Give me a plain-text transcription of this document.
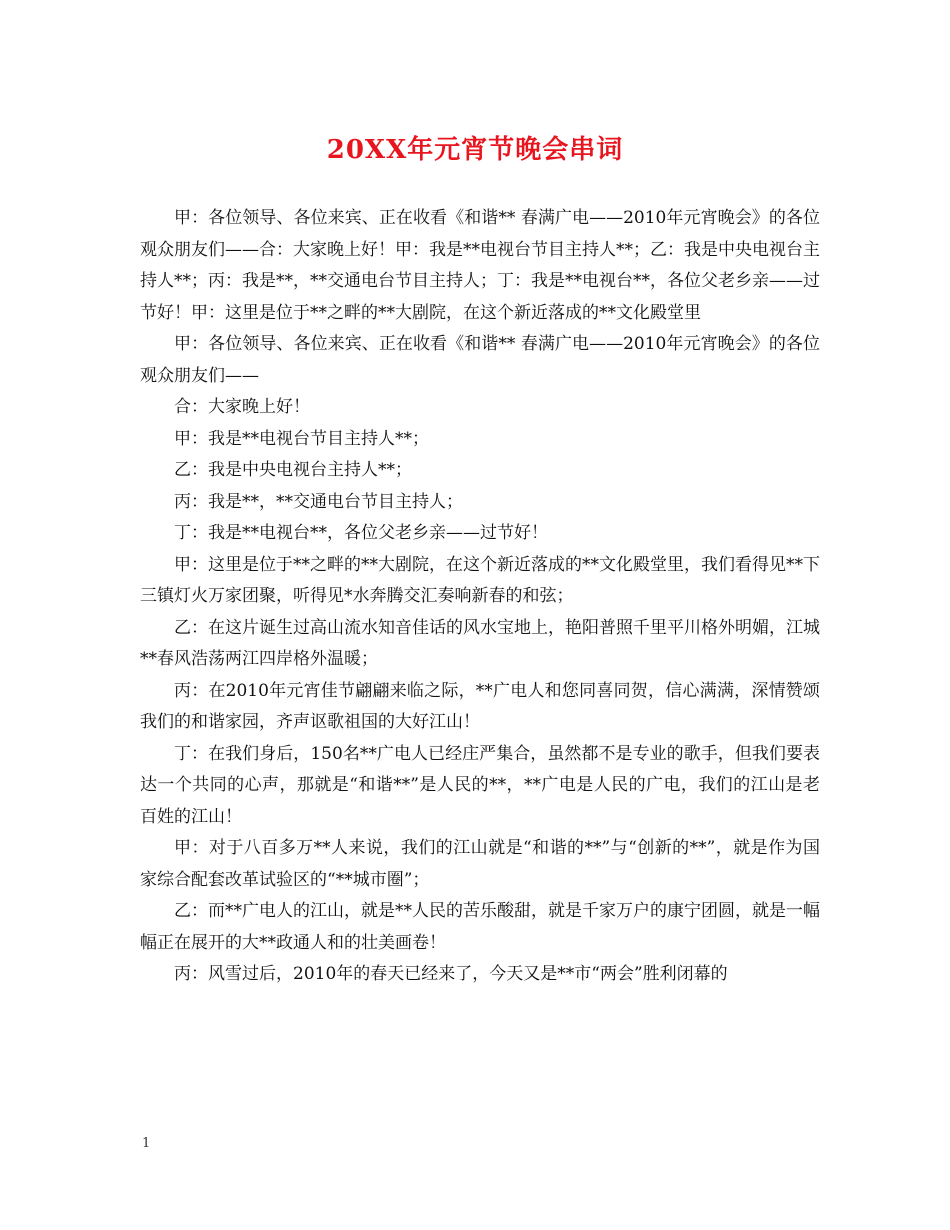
20XX年元宵节晚会串词

甲：各位领导、各位来宾、正在收看《和谐** 春满广电——2010年元宵晚会》的各位观众朋友们——合：大家晚上好！甲：我是**电视台节目主持人**；乙：我是中央电视台主持人**；丙：我是**，**交通电台节目主持人；丁：我是**电视台**，各位父老乡亲——过节好！甲：这里是位于**之畔的**大剧院，在这个新近落成的**文化殿堂里

甲：各位领导、各位来宾、正在收看《和谐** 春满广电——2010年元宵晚会》的各位观众朋友们——

合：大家晚上好！

甲：我是**电视台节目主持人**；

乙：我是中央电视台主持人**；

丙：我是**，**交通电台节目主持人；

丁：我是**电视台**，各位父老乡亲——过节好！

甲：这里是位于**之畔的**大剧院，在这个新近落成的**文化殿堂里，我们看得见**下三镇灯火万家团聚，听得见*水奔腾交汇奏响新春的和弦；

乙：在这片诞生过高山流水知音佳话的风水宝地上，艳阳普照千里平川格外明媚，江城**春风浩荡两江四岸格外温暖；

丙：在2010年元宵佳节翩翩来临之际，**广电人和您同喜同贺，信心满满，深情赞颂我们的和谐家园，齐声讴歌祖国的大好江山！

丁：在我们身后，150名**广电人已经庄严集合，虽然都不是专业的歌手，但我们要表达一个共同的心声，那就是“和谐**”是人民的**，**广电是人民的广电，我们的江山是老百姓的江山！

甲：对于八百多万**人来说，我们的江山就是“和谐的**”与“创新的**”，就是作为国家综合配套改革试验区的“**城市圈”；

乙：而**广电人的江山，就是**人民的苦乐酸甜，就是千家万户的康宁团圆，就是一幅幅正在展开的大**政通人和的壮美画卷！

丙：风雪过后，2010年的春天已经来了，今天又是**市“两会”胜利闭幕的

1
